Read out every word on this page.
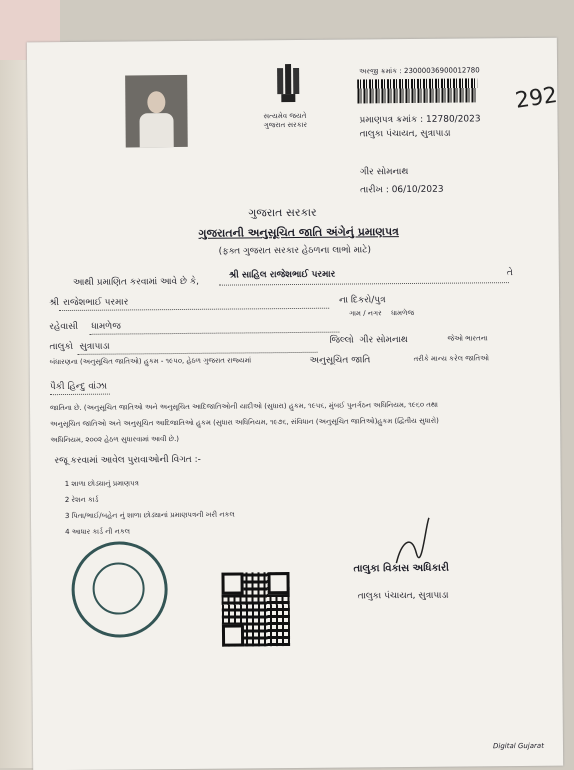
સત્યમેવ જયતે
ગુજરાત સરકાર
અરજી ક્રમાંક : 23000036900012780
પ્રમાણપત્ર ક્રમાંક : 12780/2023
તાલુકા પંચાયત, સુત્રાપાડા
ગીર સોમનાથ
તારીખ : 06/10/2023
292
ગુજરાત સરકાર
ગુજરાતની અનુસૂચિત જાતિ અંગેનું પ્રમાણપત્ર
(ફક્ત ગુજરાત સરકાર હેઠળના લાભો માટે)
આથી પ્રમાણિત કરવામાં આવે છે કે,
શ્રી સાહિલ રાજેશભાઈ પરમાર	તે
શ્રી રાજેશભાઈ પરમાર	ના દિકરો/પુત્ર
રહેવાસી ધામળેજ
ગામ / નગર ધામળેજ
તાલુકો સુત્રાપાડા
જિલ્લો ગીર સોમનાથ	જેઓ ભારતના
બંધારણના (અનુસૂચિત જાતિઓ) હુકમ - ૧૯૫૦, હેઠળ ગુજરાત રાજ્યમાં	અનુસૂચિત જાતિ	તરીકે માન્ય કરેલ જાતિઓ
પૈકી હિન્દુ વાંઝા
જાતિના છે. (અનુસૂચિત જાતિઓ અને અનુસૂચિત આદિજાતિઓની યાદીઓ (સુધારા) હુકમ, ૧૯૫૬, મુંબઈ પુનર્ગઠન અધિનિયમ, ૧૯૬૦ તથા
અનુસૂચિત જાતિઓ અને અનુસૂચિત આદિજાતિઓ હુકમ (સુધારા અધિનિયમ, ૧૯૭૬, સંવિધાન (અનુસૂચિત જાતિઓ)હુકમ (દ્વિતીય સુધારો)
અધિનિયમ, ૨૦૦૨ હેઠળ સુધારવામાં આવી છે.)
રજૂ કરવામાં આવેલ પુરાવાઓની વિગત :-
1 શાળા છોડ્યાનું પ્રમાણપત્ર
2 રેશન કાર્ડ
3 પિતા/ભાઈ/બહેન નું શાળા છોડ્યાનાં પ્રમાણપત્રની ખરી નકલ
4 આધાર કાર્ડ ની નકલ
તાલુકા વિકાસ અધિકારી
તાલુકા પંચાયત, સુત્રાપાડા
Digital Gujarat
